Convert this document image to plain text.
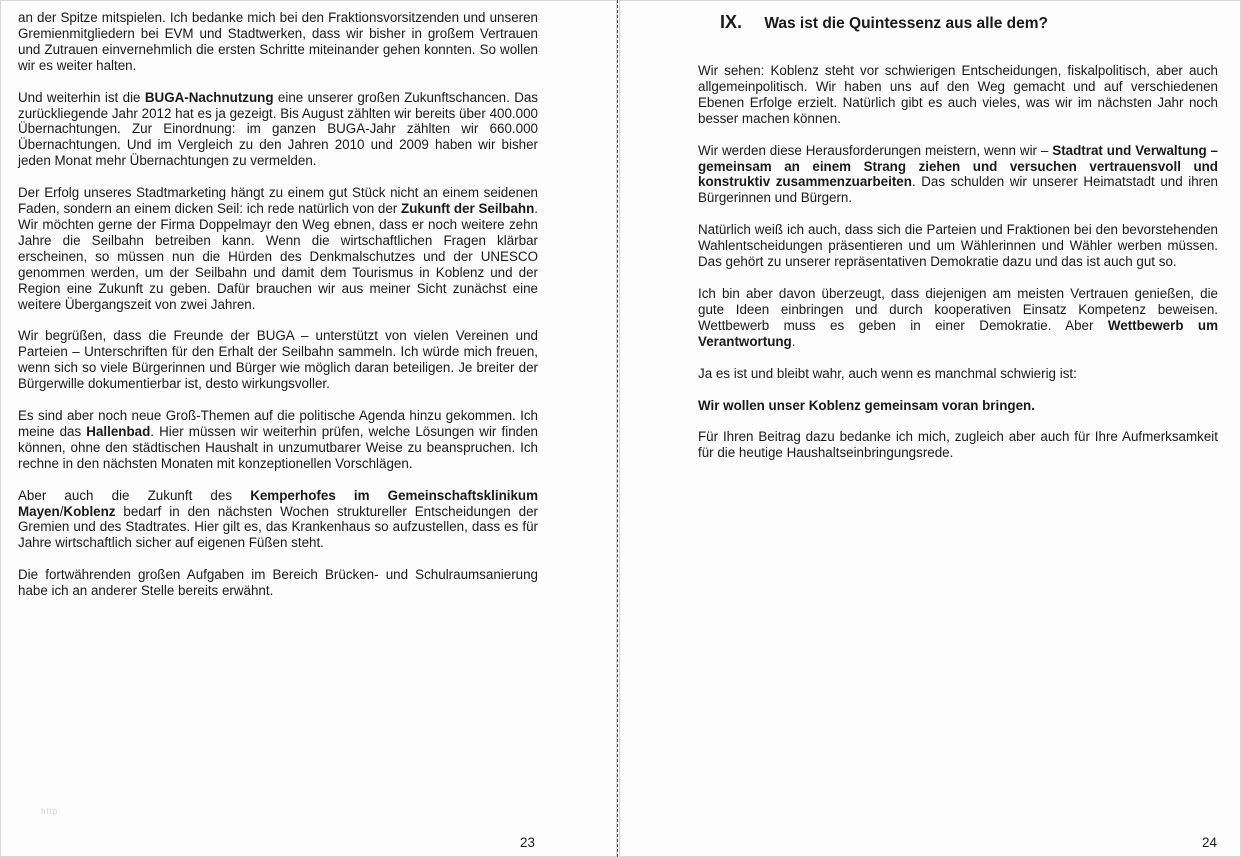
an der Spitze mitspielen. Ich bedanke mich bei den Fraktionsvorsitzenden und unseren Gremienmitgliedern bei EVM und Stadtwerken, dass wir bisher in großem Vertrauen und Zutrauen einvernehmlich die ersten Schritte miteinander gehen konnten. So wollen wir es weiter halten.

Und weiterhin ist die BUGA-Nachnutzung eine unserer großen Zukunftschancen. Das zurückliegende Jahr 2012 hat es ja gezeigt. Bis August zählten wir bereits über 400.000 Übernachtungen. Zur Einordnung: im ganzen BUGA-Jahr zählten wir 660.000 Übernachtungen. Und im Vergleich zu den Jahren 2010 und 2009 haben wir bisher jeden Monat mehr Übernachtungen zu vermelden.

Der Erfolg unseres Stadtmarketing hängt zu einem gut Stück nicht an einem seidenen Faden, sondern an einem dicken Seil: ich rede natürlich von der Zukunft der Seilbahn. Wir möchten gerne der Firma Doppelmayr den Weg ebnen, dass er noch weitere zehn Jahre die Seilbahn betreiben kann. Wenn die wirtschaftlichen Fragen klärbar erscheinen, so müssen nun die Hürden des Denkmalschutzes und der UNESCO genommen werden, um der Seilbahn und damit dem Tourismus in Koblenz und der Region eine Zukunft zu geben. Dafür brauchen wir aus meiner Sicht zunächst eine weitere Übergangszeit von zwei Jahren.

Wir begrüßen, dass die Freunde der BUGA – unterstützt von vielen Vereinen und Parteien – Unterschriften für den Erhalt der Seilbahn sammeln. Ich würde mich freuen, wenn sich so viele Bürgerinnen und Bürger wie möglich daran beteiligen. Je breiter der Bürgerwille dokumentierbar ist, desto wirkungsvoller.

Es sind aber noch neue Groß-Themen auf die politische Agenda hinzu gekommen. Ich meine das Hallenbad. Hier müssen wir weiterhin prüfen, welche Lösungen wir finden können, ohne den städtischen Haushalt in unzumutbarer Weise zu beanspruchen. Ich rechne in den nächsten Monaten mit konzeptionellen Vorschlägen.

Aber auch die Zukunft des Kemperhofes im Gemeinschaftsklinikum Mayen/Koblenz bedarf in den nächsten Wochen struktureller Entscheidungen der Gremien und des Stadtrates. Hier gilt es, das Krankenhaus so aufzustellen, dass es für Jahre wirtschaftlich sicher auf eigenen Füßen steht.

Die fortwährenden großen Aufgaben im Bereich Brücken- und Schulraumsanierung habe ich an anderer Stelle bereits erwähnt.

http
23
IX. Was ist die Quintessenz aus alle dem?

Wir sehen: Koblenz steht vor schwierigen Entscheidungen, fiskalpolitisch, aber auch allgemeinpolitisch. Wir haben uns auf den Weg gemacht und auf verschiedenen Ebenen Erfolge erzielt. Natürlich gibt es auch vieles, was wir im nächsten Jahr noch besser machen können.

Wir werden diese Herausforderungen meistern, wenn wir – Stadtrat und Verwaltung – gemeinsam an einem Strang ziehen und versuchen vertrauensvoll und konstruktiv zusammenzuarbeiten. Das schulden wir unserer Heimatstadt und ihren Bürgerinnen und Bürgern.

Natürlich weiß ich auch, dass sich die Parteien und Fraktionen bei den bevorstehenden Wahlentscheidungen präsentieren und um Wählerinnen und Wähler werben müssen. Das gehört zu unserer repräsentativen Demokratie dazu und das ist auch gut so.

Ich bin aber davon überzeugt, dass diejenigen am meisten Vertrauen genießen, die gute Ideen einbringen und durch kooperativen Einsatz Kompetenz beweisen. Wettbewerb muss es geben in einer Demokratie. Aber Wettbewerb um Verantwortung.

Ja es ist und bleibt wahr, auch wenn es manchmal schwierig ist:

Wir wollen unser Koblenz gemeinsam voran bringen.

Für Ihren Beitrag dazu bedanke ich mich, zugleich aber auch für Ihre Aufmerksamkeit für die heutige Haushaltseinbringungsrede.

24
